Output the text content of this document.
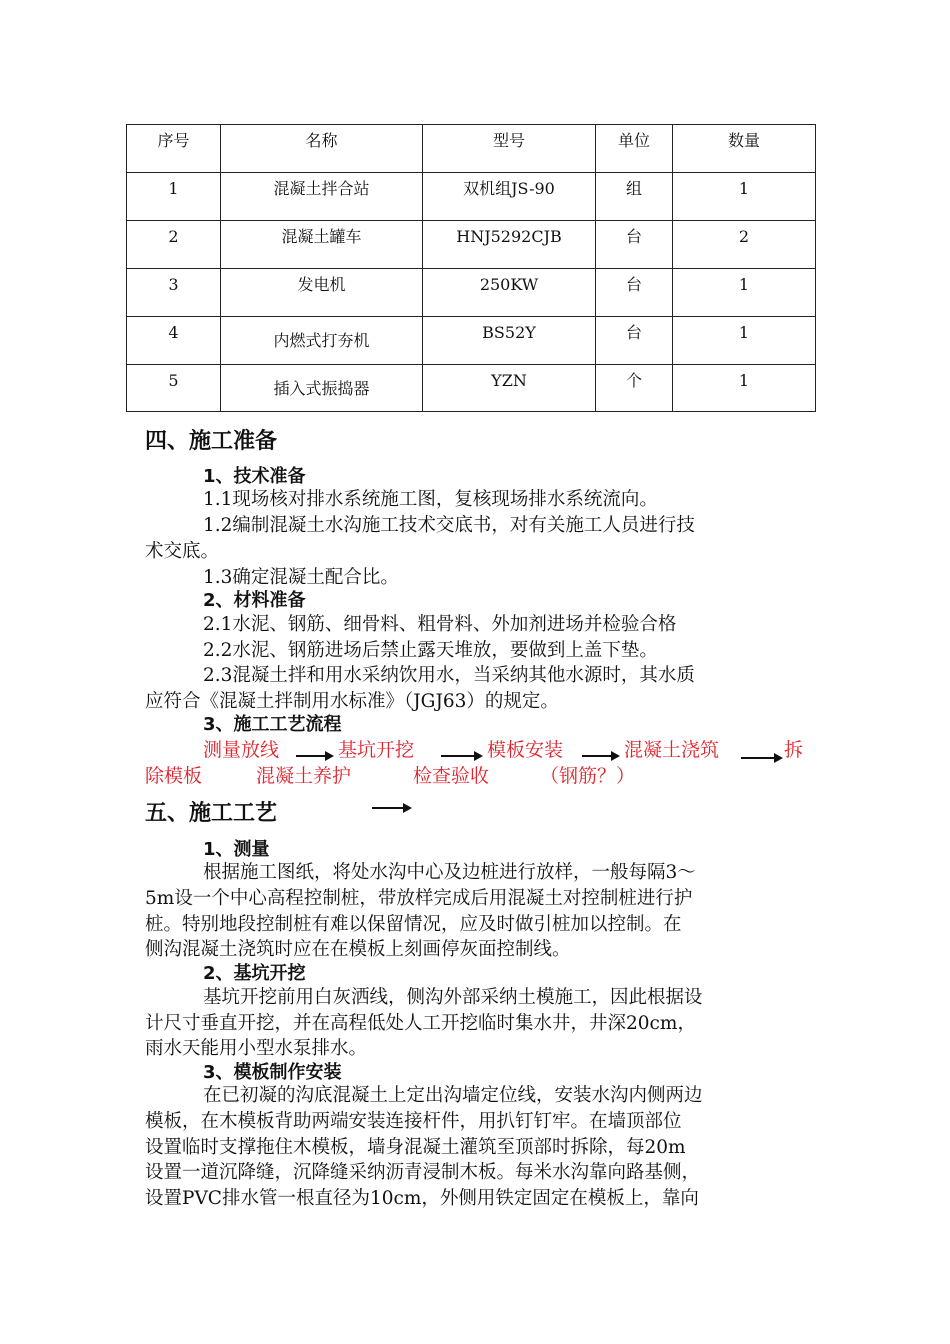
序号	名称	型号	单位	数量

1	混凝土拌合站	双机组JS-90	组	1

2	混凝土罐车	HNJ5292CJB	台	2

3	发电机	250KW	台	1

4	内燃式打夯机	BS52Y	台	1

5	插入式振捣器	YZN	个	1
四、施工准备
1、技术准备
1.1现场核对排水系统施工图，复核现场排水系统流向。
1.2编制混凝土水沟施工技术交底书，对有关施工人员进行技
术交底。
1.3确定混凝土配合比。
2、材料准备
2.1水泥、钢筋、细骨料、粗骨料、外加剂进场并检验合格
2.2水泥、钢筋进场后禁止露天堆放，要做到上盖下垫。
2.3混凝土拌和用水采纳饮用水，当采纳其他水源时，其水质
应符合《混凝土拌制用水标准》（JGJ63）的规定。
3、施工工艺流程
测量放线	基坑开挖	模板安装	混凝土浇筑	拆
除模板	混凝土养护	检查验收	（钢筋？）
五、施工工艺
1、测量
根据施工图纸，将处水沟中心及边桩进行放样，一般每隔3～
5m设一个中心高程控制桩，带放样完成后用混凝土对控制桩进行护
桩。特别地段控制桩有难以保留情况，应及时做引桩加以控制。在
侧沟混凝土浇筑时应在在模板上刻画停灰面控制线。
2、基坑开挖
基坑开挖前用白灰洒线，侧沟外部采纳土模施工，因此根据设
计尺寸垂直开挖，并在高程低处人工开挖临时集水井，井深20cm，
雨水天能用小型水泵排水。
3、模板制作安装
在已初凝的沟底混凝土上定出沟墙定位线，安装水沟内侧两边
模板，在木模板背助两端安装连接杆件，用扒钉钉牢。在墙顶部位
设置临时支撑拖住木模板，墙身混凝土灌筑至顶部时拆除，每20m
设置一道沉降缝，沉降缝采纳沥青浸制木板。每米水沟靠向路基侧，
设置PVC排水管一根直径为10cm，外侧用铁定固定在模板上，靠向
